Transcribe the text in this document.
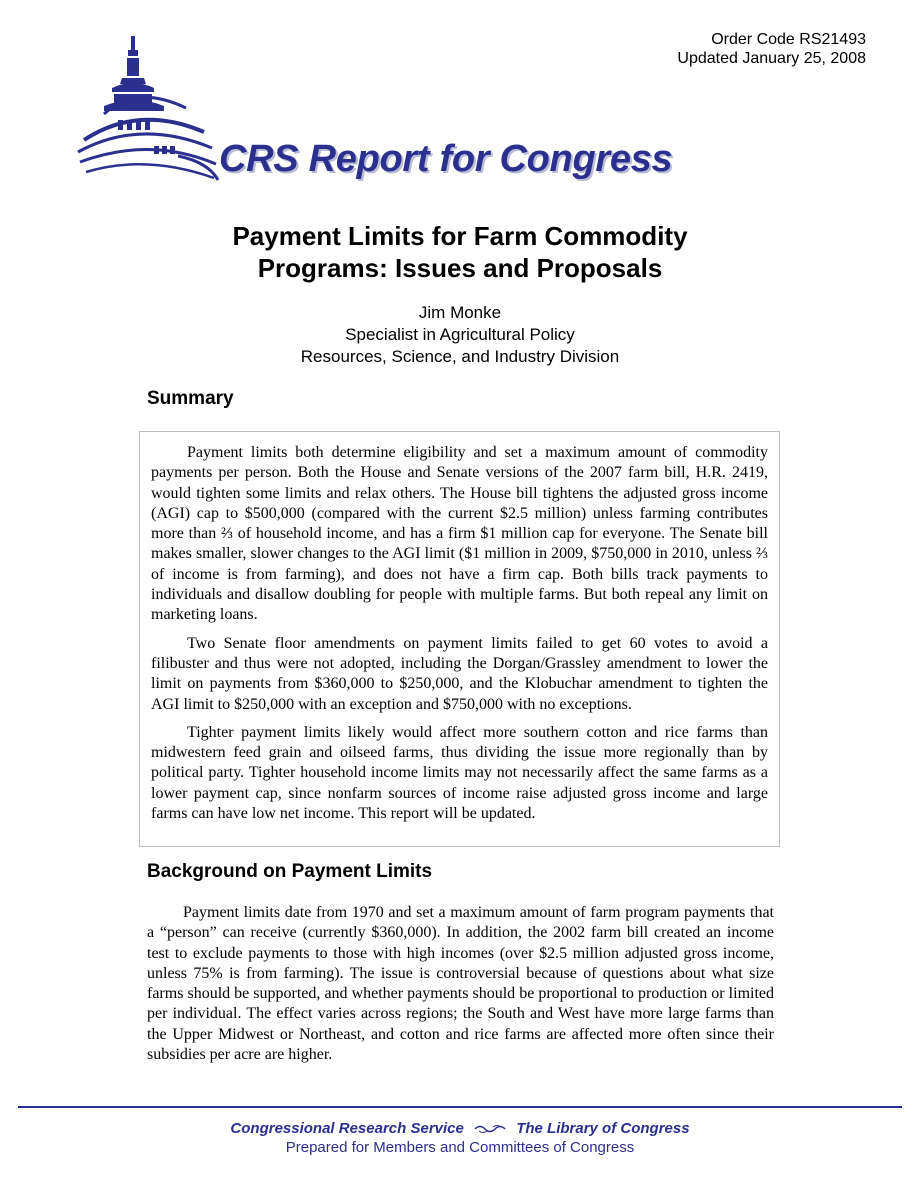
Order Code RS21493
Updated January 25, 2008
CRS Report for Congress
Payment Limits for Farm Commodity
Programs: Issues and Proposals
Jim Monke
Specialist in Agricultural Policy
Resources, Science, and Industry Division
Summary

Payment limits both determine eligibility and set a maximum amount of commodity payments per person. Both the House and Senate versions of the 2007 farm bill, H.R. 2419, would tighten some limits and relax others. The House bill tightens the adjusted gross income (AGI) cap to $500,000 (compared with the current $2.5 million) unless farming contributes more than ⅔ of household income, and has a firm $1 million cap for everyone. The Senate bill makes smaller, slower changes to the AGI limit ($1 million in 2009, $750,000 in 2010, unless ⅔ of income is from farming), and does not have a firm cap. Both bills track payments to individuals and disallow doubling for people with multiple farms. But both repeal any limit on marketing loans.

Two Senate floor amendments on payment limits failed to get 60 votes to avoid a filibuster and thus were not adopted, including the Dorgan/Grassley amendment to lower the limit on payments from $360,000 to $250,000, and the Klobuchar amendment to tighten the AGI limit to $250,000 with an exception and $750,000 with no exceptions.

Tighter payment limits likely would affect more southern cotton and rice farms than midwestern feed grain and oilseed farms, thus dividing the issue more regionally than by political party. Tighter household income limits may not necessarily affect the same farms as a lower payment cap, since nonfarm sources of income raise adjusted gross income and large farms can have low net income. This report will be updated.

Background on Payment Limits

Payment limits date from 1970 and set a maximum amount of farm program payments that a “person” can receive (currently $360,000). In addition, the 2002 farm bill created an income test to exclude payments to those with high incomes (over $2.5 million adjusted gross income, unless 75% is from farming). The issue is controversial because of questions about what size farms should be supported, and whether payments should be proportional to production or limited per individual. The effect varies across regions; the South and West have more large farms than the Upper Midwest or Northeast, and cotton and rice farms are affected more often since their subsidies per acre are higher.

Congressional Research Service	The Library of Congress
Prepared for Members and Committees of Congress
